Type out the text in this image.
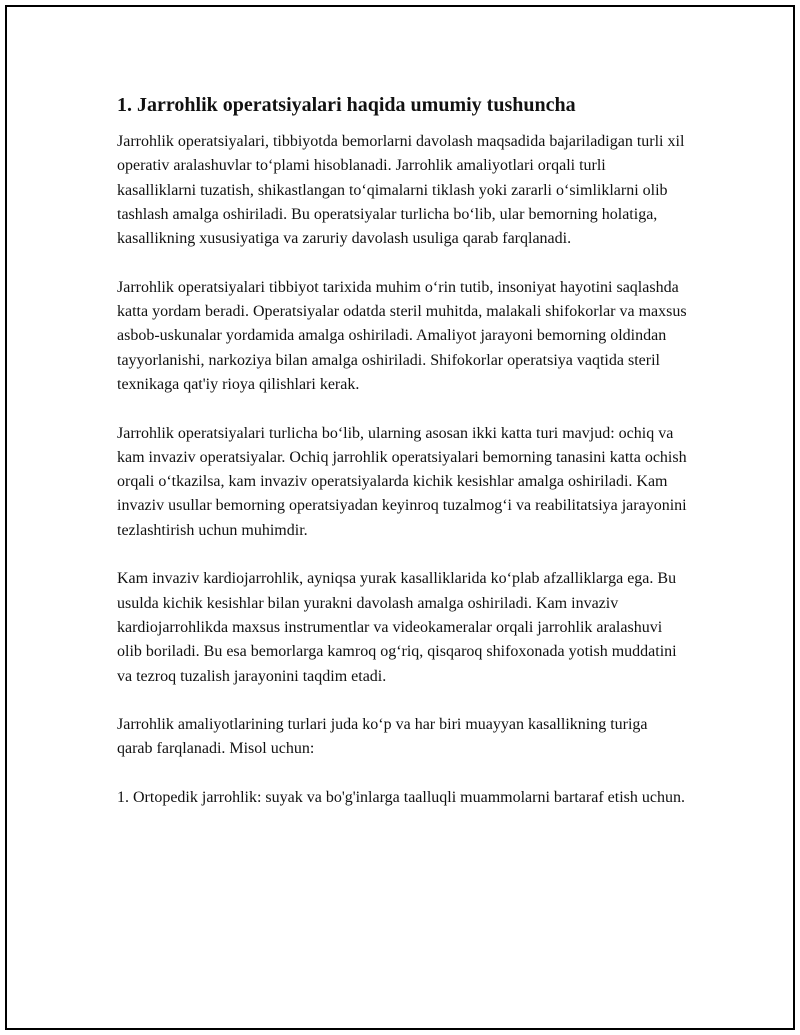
1. Jarrohlik operatsiyalari haqida umumiy tushuncha

Jarrohlik operatsiyalari, tibbiyotda bemorlarni davolash maqsadida bajariladigan turli xil operativ aralashuvlar to‘plami hisoblanadi. Jarrohlik amaliyotlari orqali turli kasalliklarni tuzatish, shikastlangan to‘qimalarni tiklash yoki zararli o‘simliklarni olib tashlash amalga oshiriladi. Bu operatsiyalar turlicha bo‘lib, ular bemorning holatiga, kasallikning xususiyatiga va zaruriy davolash usuliga qarab farqlanadi.

Jarrohlik operatsiyalari tibbiyot tarixida muhim o‘rin tutib, insoniyat hayotini saqlashda katta yordam beradi. Operatsiyalar odatda steril muhitda, malakali shifokorlar va maxsus asbob-uskunalar yordamida amalga oshiriladi. Amaliyot jarayoni bemorning oldindan tayyorlanishi, narkoziya bilan amalga oshiriladi. Shifokorlar operatsiya vaqtida steril texnikaga qat'iy rioya qilishlari kerak.

Jarrohlik operatsiyalari turlicha bo‘lib, ularning asosan ikki katta turi mavjud: ochiq va kam invaziv operatsiyalar. Ochiq jarrohlik operatsiyalari bemorning tanasini katta ochish orqali o‘tkazilsa, kam invaziv operatsiyalarda kichik kesishlar amalga oshiriladi. Kam invaziv usullar bemorning operatsiyadan keyinroq tuzalmog‘i va reabilitatsiya jarayonini tezlashtirish uchun muhimdir.

Kam invaziv kardiojarrohlik, ayniqsa yurak kasalliklarida ko‘plab afzalliklarga ega. Bu usulda kichik kesishlar bilan yurakni davolash amalga oshiriladi. Kam invaziv kardiojarrohlikda maxsus instrumentlar va videokameralar orqali jarrohlik aralashuvi olib boriladi. Bu esa bemorlarga kamroq og‘riq, qisqaroq shifoxonada yotish muddatini va tezroq tuzalish jarayonini taqdim etadi.

Jarrohlik amaliyotlarining turlari juda ko‘p va har biri muayyan kasallikning turiga qarab farqlanadi. Misol uchun:

1. Ortopedik jarrohlik: suyak va bo'g'inlarga taalluqli muammolarni bartaraf etish uchun.
